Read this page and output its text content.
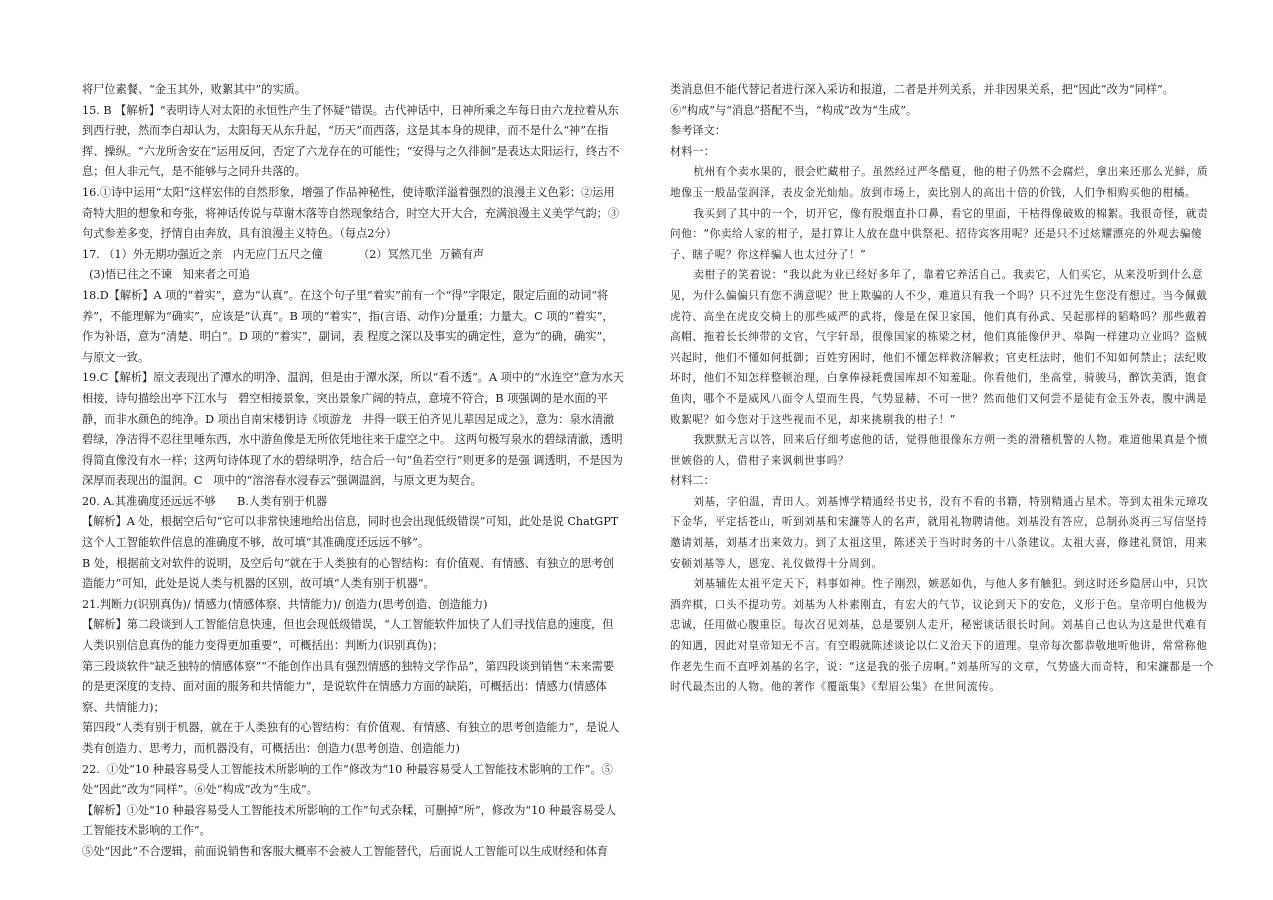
将尸位素餐、“金玉其外，败絮其中”的实质。

15. B 【解析】“表明诗人对太阳的永恒性产生了怀疑”错误。古代神话中，日神所乘之车每日由六龙拉着从东到西行驶，然而李白却认为，太阳每天从东升起，“历天”而西落，这是其本身的规律，而不是什么“神”在指挥、操纵。“六龙所舍安在”运用反问，否定了六龙存在的可能性；“安得与之久徘徊”是表达太阳运行，终古不息；但人非元气，是不能够与之同升共落的。

16.①诗中运用“太阳”这样宏伟的自然形象，增强了作品神秘性，使诗歌洋溢着强烈的浪漫主义色彩；②运用奇特大胆的想象和夸张，将神话传说与草谢木落等自然现象结合，时空大开大合，充满浪漫主义美学气韵；③句式参差多变，抒情自由奔放，具有浪漫主义特色。（每点2分）

17. （1）外无期功强近之亲   内无应门五尺之僮          （2）冥然兀坐  万籁有声

(3)悟已往之不谏   知来者之可追

18.D【解析】A 项的“着实”，意为“认真”。在这个句子里“着实”前有一个“得”字限定，限定后面的动词“将养”，不能理解为“确实”，应该是“认真”。B 项的“着实”，指(言语、动作)分量重；力量大。C 项的“着实”，作为补语，意为“清楚、明白”。D 项的“着实”，副词，表 程度之深以及事实的确定性，意为“的确，确实”，与原文一致。

19.C【解析】原文表现出了潭水的明净、温润，但是由于潭水深，所以“看不透”。A 项中的“水连空”意为水天相接，诗句描绘出亭下江水与   碧空相接景象，突出景象广阔的特点，意境不符合，B 项强调的是水面的平静，而非水颜色的纯净。D 项出自南宋楼钥诗《顷游龙   井得一联王伯齐见儿辈因足成之》，意为：泉水清澈碧绿，净洁得不忍往里唾东西，水中游鱼像是无所依凭地往来于虚空之中。 这两句极写泉水的碧绿清澈，透明得简直像没有水一样；这两句诗体现了水的碧绿明净，结合后一句“鱼若空行”则更多的是强 调透明，不是因为深厚而表现出的温润。C   项中的“溶溶春水浸春云”强调温润，与原文更为契合。

20. A.其准确度还远远不够      B.人类有别于机器

【解析】A 处，根据空后句“它可以非常快速地给出信息，同时也会出现低级错误”可知，此处是说 ChatGPT 这个人工智能软件信息的准确度不够，故可填“其准确度还远远不够”。

B 处，根据前文对软件的说明，及空后句“就在于人类独有的心智结构：有价值观、有情感、有独立的思考创造能力”可知，此处是说人类与机器的区别，故可填“人类有别于机器”。

21.判断力(识别真伪)/ 情感力(情感体察、共情能力)/ 创造力(思考创造、创造能力)

【解析】第二段谈到人工智能信息快速，但也会现低级错误，“人工智能软件加快了人们寻找信息的速度，但人类识别信息真伪的能力变得更加重要”，可概括出：判断力(识别真伪)；

第三段谈软件“缺乏独特的情感体察”“不能创作出具有强烈情感的独特文学作品”，第四段谈到销售“未来需要的是更深度的支持、面对面的服务和共情能力”，是说软件在情感力方面的缺陷，可概括出：情感力(情感体察、共情能力)；

第四段“人类有别于机器，就在于人类独有的心智结构：有价值观、有情感、有独立的思考创造能力”，是说人类有创造力、思考力，而机器没有，可概括出：创造力(思考创造、创造能力)

22.  ①处“10 种最容易受人工智能技术所影响的工作”修改为“10 种最容易受人工智能技术影响的工作”。⑤处“因此”改为“同样”。⑥处“构成”改为“生成”。

【解析】①处“10 种最容易受人工智能技术所影响的工作”句式杂糅，可删掉“所”，修改为“10 种最容易受人工智能技术影响的工作”。

⑤处“因此”不合逻辑，前面说销售和客服大概率不会被人工智能替代，后面说人工智能可以生成财经和体育

类消息但不能代替记者进行深入采访和报道，二者是并列关系，并非因果关系，把“因此”改为“同样”。

⑥“构成”与“消息”搭配不当，“构成”改为“生成”。

参考译文：

材料一：

杭州有个卖水果的，很会贮藏柑子。虽然经过严冬酷夏，他的柑子仍然不会腐烂，拿出来还那么光鲜，质地像玉一般晶莹润泽，表皮金光灿灿。放到市场上，卖比别人的高出十倍的价钱，人们争相购买他的柑橘。

我买到了其中的一个，切开它，像有股烟直扑口鼻，看它的里面，干枯得像破败的棉絮。我很奇怪，就责问他：“你卖给人家的柑子，是打算让人放在盘中供祭祀、招待宾客用呢？还是只不过炫耀漂亮的外观去骗傻子、瞎子呢？你这样骗人也太过分了！”

卖柑子的笑着说：“我以此为业已经好多年了，靠着它养活自己。我卖它，人们买它，从来没听到什么意见，为什么偏偏只有您不满意呢？世上欺骗的人不少，难道只有我一个吗？只不过先生您没有想过。当今佩戴虎符、高坐在虎皮交椅上的那些威严的武将，像是在保卫家国，他们真有孙武、吴起那样的韬略吗？那些戴着高帽、拖着长长绅带的文官，气宇轩昂，很像国家的栋梁之材，他们真能像伊尹、皋陶一样建功立业吗？盗贼兴起时，他们不懂如何抵御；百姓穷困时，他们不懂怎样救济解救；官吏枉法时，他们不知如何禁止；法纪败坏时，他们不知怎样整顿治理，白拿俸禄耗费国库却不知羞耻。你看他们，坐高堂，骑骏马，醉饮美酒，饱食鱼肉，哪个不是威风八面令人望而生畏，气势显赫、不可一世？然而他们又何尝不是徒有金玉外表，腹中满是败絮呢？如今您对于这些视而不见，却来挑剔我的柑子！”

我默默无言以答，回来后仔细考虑他的话，觉得他很像东方朔一类的滑稽机警的人物。难道他果真是个愤世嫉俗的人，借柑子来讽刺世事吗？

材料二：

刘基，字伯温，青田人。刘基博学精通经书史书，没有不看的书籍，特别精通占星术。等到太祖朱元璋攻下金华，平定括苍山，听到刘基和宋濂等人的名声，就用礼物聘请他。刘基没有答应，总制孙炎再三写信坚持邀请刘基，刘基才出来效力。到了太祖这里，陈述关于当时时务的十八条建议。太祖大喜，修建礼贤馆，用来安顿刘基等人，恩宠、礼仪做得十分周到。

刘基辅佐太祖平定天下，料事如神。性子刚烈，嫉恶如仇，与他人多有触犯。到这时还乡隐居山中，只饮酒弈棋，口头不提功劳。刘基为人朴素刚直，有宏大的气节，议论到天下的安危，义形于色。皇帝明白他极为忠诚，任用做心腹重臣。每次召见刘基，总是要别人走开，秘密谈话很长时间。刘基自己也认为这是世代难有的知遇，因此对皇帝知无不言。有空暇就陈述谈论以仁义治天下的道理。皇帝每次都恭敬地听他讲，常常称他作老先生而不直呼刘基的名字，说：“这是我的张子房啊。”刘基所写的文章，气势盛大而奇特，和宋濂都是一个时代最杰出的人物。他的著作《覆瓿集》《犁眉公集》在世间流传。
